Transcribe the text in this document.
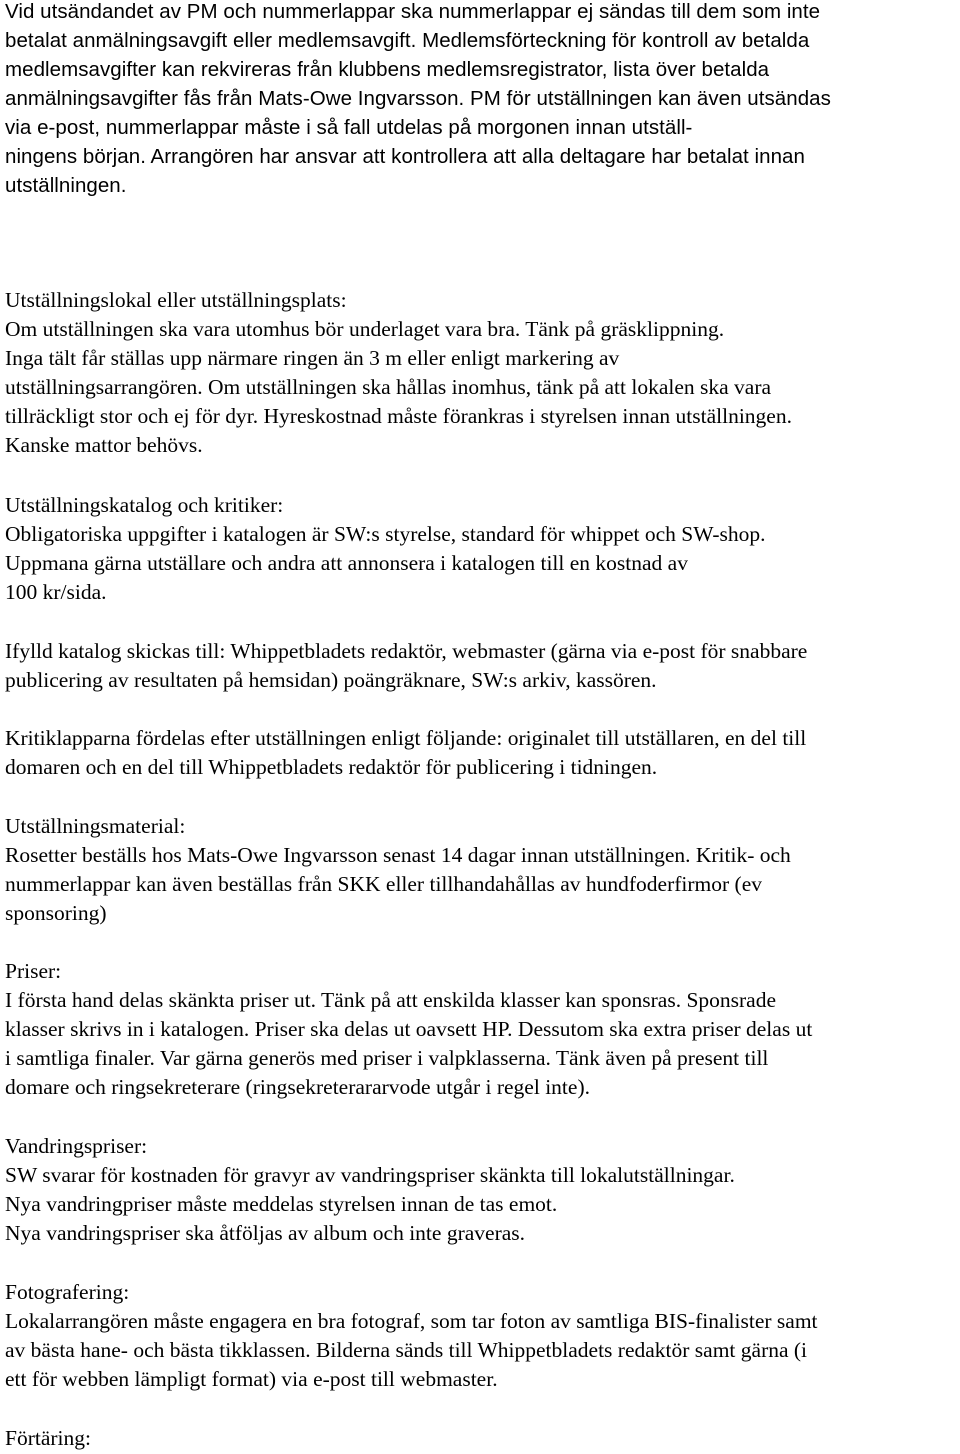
Vid utsändandet av PM och nummerlappar ska nummerlappar ej sändas till dem som inte
betalat anmälningsavgift eller medlemsavgift. Medlemsförteckning för kontroll av betalda
medlemsavgifter kan rekvireras från klubbens medlemsregistrator, lista över betalda
anmälningsavgifter fås från Mats-Owe Ingvarsson. PM för utställningen kan även utsändas
via e-post, nummerlappar måste i så fall utdelas på morgonen innan utställ-
ningens början. Arrangören har ansvar att kontrollera att alla deltagare har betalat innan
utställningen.
Utställningslokal eller utställningsplats:
Om utställningen ska vara utomhus bör underlaget vara bra. Tänk på gräsklippning.
Inga tält får ställas upp närmare ringen än 3 m eller enligt markering av
utställningsarrangören. Om utställningen ska hållas inomhus, tänk på att lokalen ska vara
tillräckligt stor och ej för dyr. Hyreskostnad måste förankras i styrelsen innan utställningen.
Kanske mattor behövs.
Utställningskatalog och kritiker:
Obligatoriska uppgifter i katalogen är SW:s styrelse, standard för whippet och SW-shop.
Uppmana gärna utställare och andra att annonsera i katalogen till en kostnad av
100 kr/sida.
Ifylld katalog skickas till: Whippetbladets redaktör, webmaster (gärna via e-post för snabbare
publicering av resultaten på hemsidan) poängräknare, SW:s arkiv, kassören.
Kritiklapparna fördelas efter utställningen enligt följande: originalet till utställaren, en del till
domaren och en del till Whippetbladets redaktör för publicering i tidningen.
Utställningsmaterial:
Rosetter beställs hos Mats-Owe Ingvarsson senast 14 dagar innan utställningen. Kritik- och
nummerlappar kan även beställas från SKK eller tillhandahållas av hundfoderfirmor (ev
sponsoring)
Priser:
I första hand delas skänkta priser ut. Tänk på att enskilda klasser kan sponsras. Sponsrade
klasser skrivs in i katalogen. Priser ska delas ut oavsett HP. Dessutom ska extra priser delas ut
i samtliga finaler. Var gärna generös med priser i valpklasserna. Tänk även på present till
domare och ringsekreterare (ringsekreterararvode utgår i regel inte).
Vandringspriser:
SW svarar för kostnaden för gravyr av vandringspriser skänkta till lokalutställningar.
Nya vandringpriser måste meddelas styrelsen innan de tas emot.
Nya vandringspriser ska åtföljas av album och inte graveras.
Fotografering:
Lokalarrangören måste engagera en bra fotograf, som tar foton av samtliga BIS-finalister samt
av bästa hane- och bästa tikklassen. Bilderna sänds till Whippetbladets redaktör samt gärna (i
ett för webben lämpligt format) via e-post till webmaster.
Förtäring:
